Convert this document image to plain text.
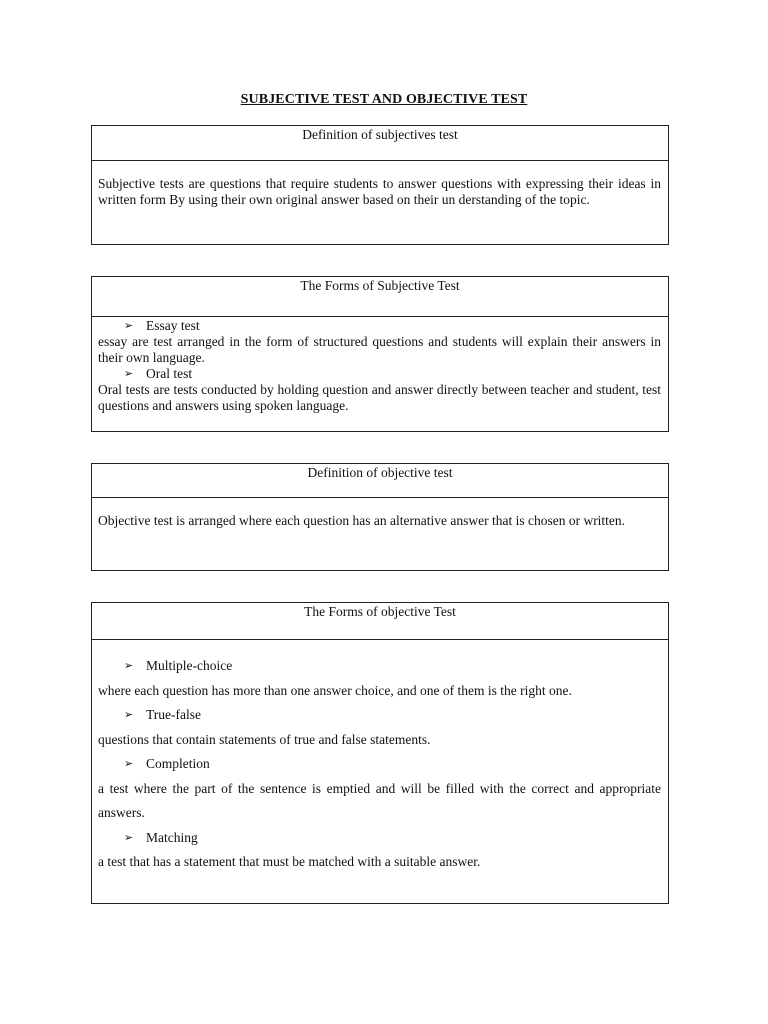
SUBJECTIVE TEST AND OBJECTIVE TEST
Definition of subjectives test
Subjective tests are questions that require students to answer questions with expressing their ideas in written form By using their own original answer based on their un derstanding of the topic.
The Forms of Subjective Test
➢ Essay test
essay are test arranged in the form of structured questions and students will explain their answers in their own language.
➢ Oral test
Oral tests are tests conducted by holding question and answer directly between teacher and student, test questions and answers using spoken language.
Definition of objective test
Objective test is arranged where each question has an alternative answer that is chosen or written.
The Forms of objective Test
➢ Multiple-choice
where each question has more than one answer choice, and one of them is the right one.
➢ True-false
questions that contain statements of true and false statements.
➢ Completion
a test where the part of the sentence is emptied and will be filled with the correct and appropriate answers.
➢ Matching
a test that has a statement that must be matched with a suitable answer.
